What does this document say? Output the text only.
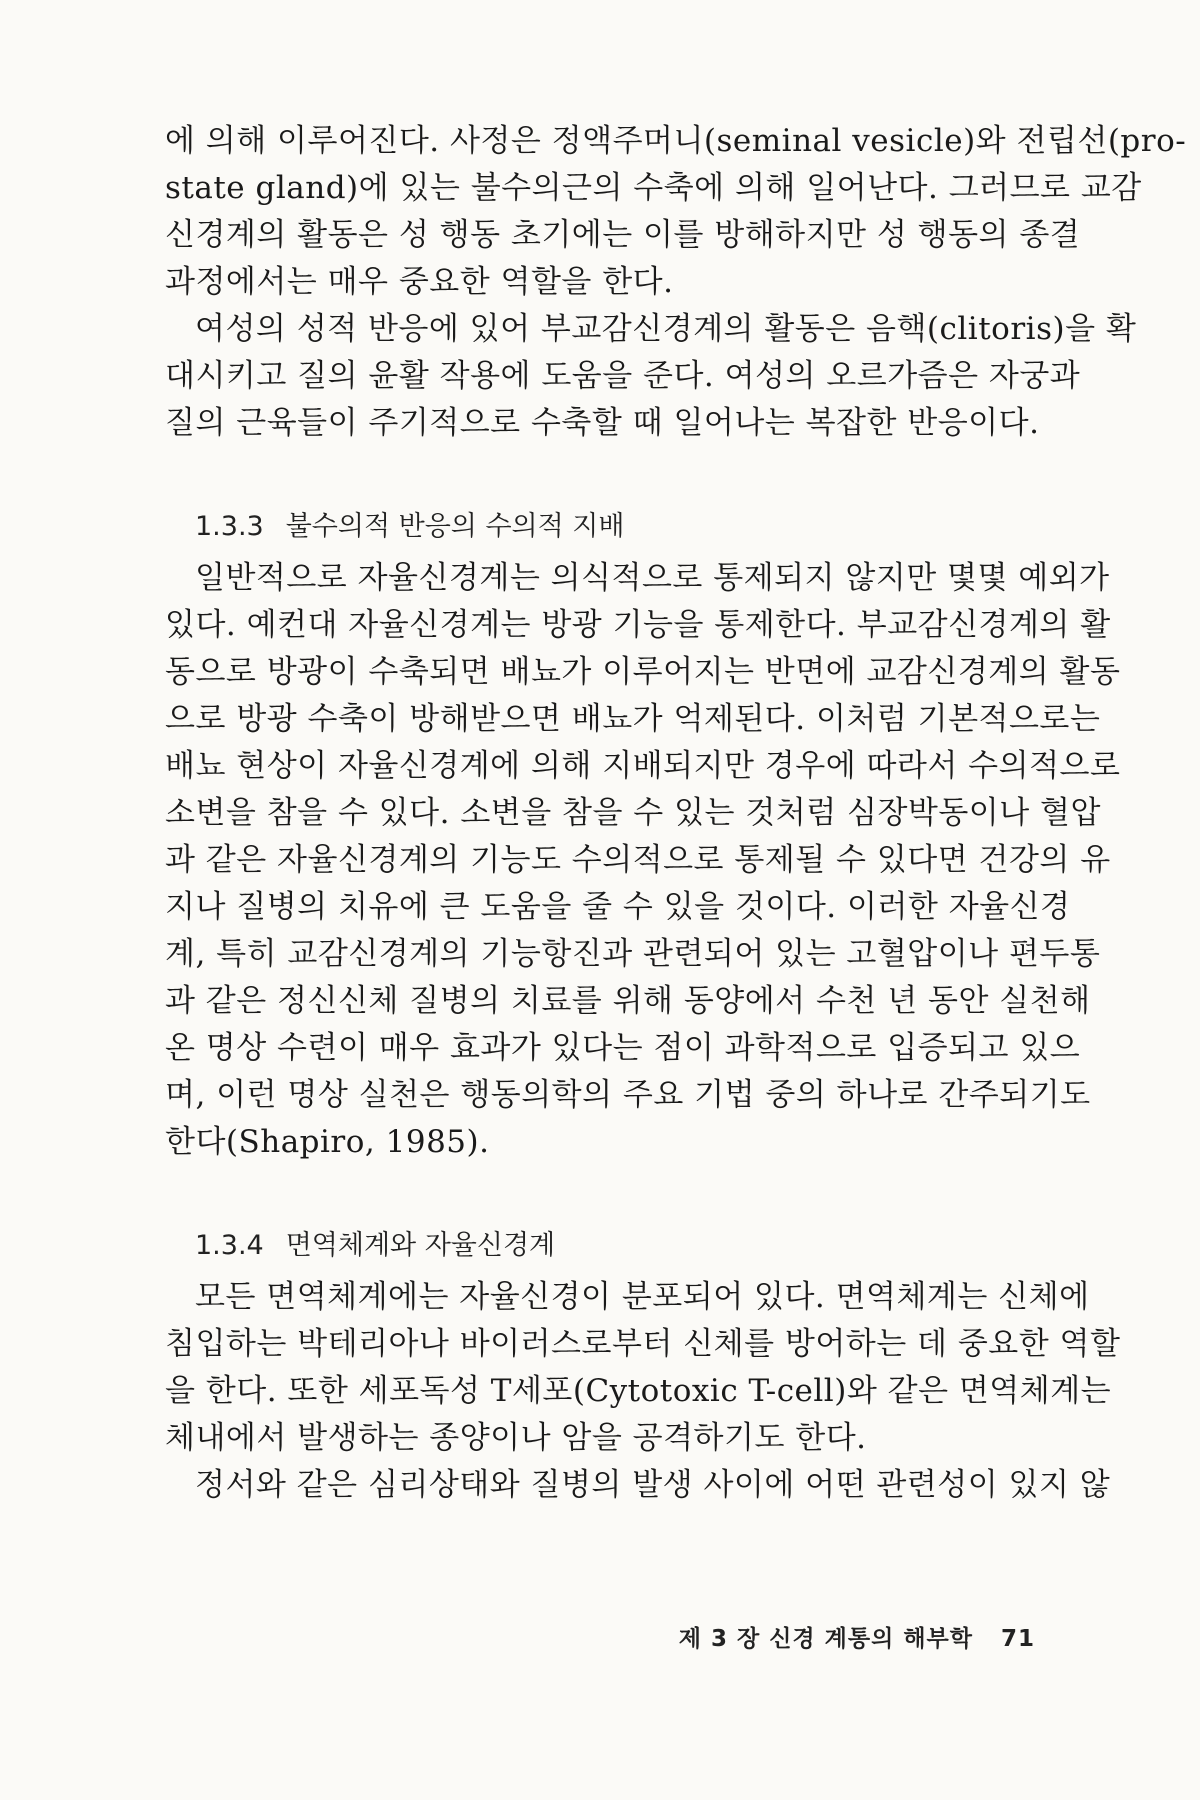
에 의해 이루어진다. 사정은 정액주머니(seminal vesicle)와 전립선(pro-
state gland)에 있는 불수의근의 수축에 의해 일어난다. 그러므로 교감
신경계의 활동은 성 행동 초기에는 이를 방해하지만 성 행동의 종결
과정에서는 매우 중요한 역할을 한다.
여성의 성적 반응에 있어 부교감신경계의 활동은 음핵(clitoris)을 확
대시키고 질의 윤활 작용에 도움을 준다. 여성의 오르가즘은 자궁과
질의 근육들이 주기적으로 수축할 때 일어나는 복잡한 반응이다.
1.3.3 불수의적 반응의 수의적 지배
일반적으로 자율신경계는 의식적으로 통제되지 않지만 몇몇 예외가
있다. 예컨대 자율신경계는 방광 기능을 통제한다. 부교감신경계의 활
동으로 방광이 수축되면 배뇨가 이루어지는 반면에 교감신경계의 활동
으로 방광 수축이 방해받으면 배뇨가 억제된다. 이처럼 기본적으로는
배뇨 현상이 자율신경계에 의해 지배되지만 경우에 따라서 수의적으로
소변을 참을 수 있다. 소변을 참을 수 있는 것처럼 심장박동이나 혈압
과 같은 자율신경계의 기능도 수의적으로 통제될 수 있다면 건강의 유
지나 질병의 치유에 큰 도움을 줄 수 있을 것이다. 이러한 자율신경
계, 특히 교감신경계의 기능항진과 관련되어 있는 고혈압이나 편두통
과 같은 정신신체 질병의 치료를 위해 동양에서 수천 년 동안 실천해
온 명상 수련이 매우 효과가 있다는 점이 과학적으로 입증되고 있으
며, 이런 명상 실천은 행동의학의 주요 기법 중의 하나로 간주되기도
한다(Shapiro, 1985).
1.3.4 면역체계와 자율신경계
모든 면역체계에는 자율신경이 분포되어 있다. 면역체계는 신체에
침입하는 박테리아나 바이러스로부터 신체를 방어하는 데 중요한 역할
을 한다. 또한 세포독성 T세포(Cytotoxic T-cell)와 같은 면역체계는
체내에서 발생하는 종양이나 암을 공격하기도 한다.
정서와 같은 심리상태와 질병의 발생 사이에 어떤 관련성이 있지 않
제 3 장 신경 계통의 해부학 71
